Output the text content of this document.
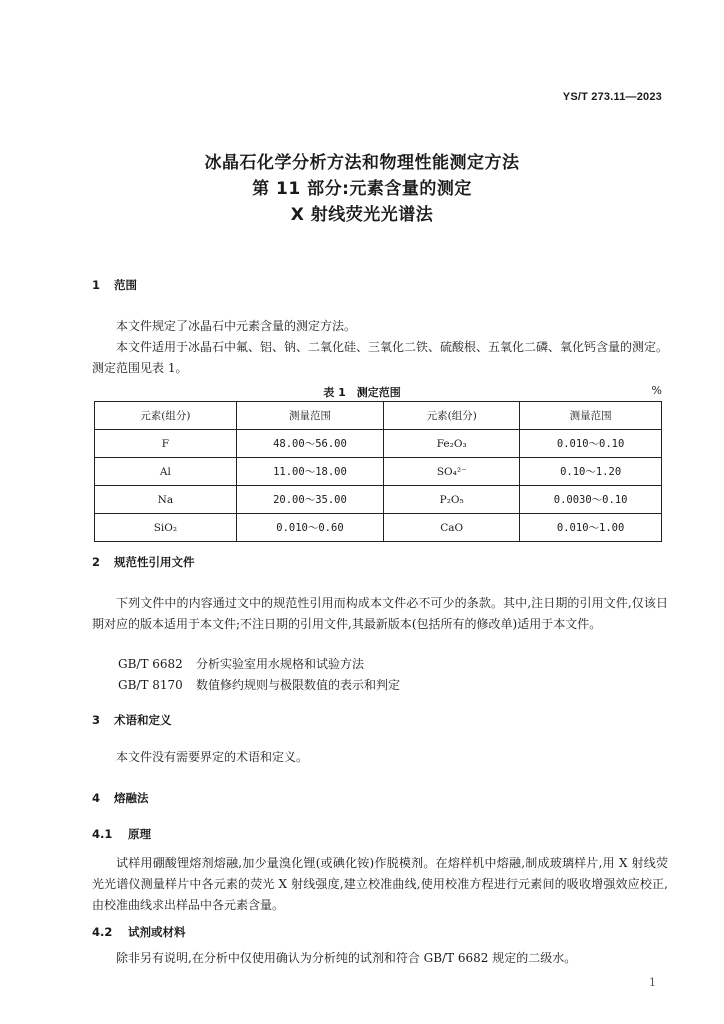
YS/T 273.11—2023
冰晶石化学分析方法和物理性能测定方法
第 11 部分:元素含量的测定
X 射线荧光光谱法
1 范围
本文件规定了冰晶石中元素含量的测定方法。
本文件适用于冰晶石中氟、铝、钠、二氧化硅、三氧化二铁、硫酸根、五氧化二磷、氧化钙含量的测定。测定范围见表 1。
表 1　测定范围	%
元素(组分)	测量范围	元素(组分)	测量范围
F	48.00～56.00	Fe₂O₃	0.010～0.10
Al	11.00～18.00	SO₄²⁻	0.10～1.20
Na	20.00～35.00	P₂O₅	0.0030～0.10
SiO₂	0.010～0.60	CaO	0.010～1.00
2 规范性引用文件
下列文件中的内容通过文中的规范性引用而构成本文件必不可少的条款。其中,注日期的引用文件,仅该日期对应的版本适用于本文件;不注日期的引用文件,其最新版本(包括所有的修改单)适用于本文件。
GB/T 6682 分析实验室用水规格和试验方法
GB/T 8170 数值修约规则与极限数值的表示和判定
3 术语和定义
本文件没有需要界定的术语和定义。
4 熔融法
4.1 原理
试样用硼酸锂熔剂熔融,加少量溴化锂(或碘化铵)作脱模剂。在熔样机中熔融,制成玻璃样片,用 X 射线荧光光谱仪测量样片中各元素的荧光 X 射线强度,建立校准曲线,使用校准方程进行元素间的吸收增强效应校正,由校准曲线求出样品中各元素含量。
4.2 试剂或材料
除非另有说明,在分析中仅使用确认为分析纯的试剂和符合 GB/T 6682 规定的二级水。
1
